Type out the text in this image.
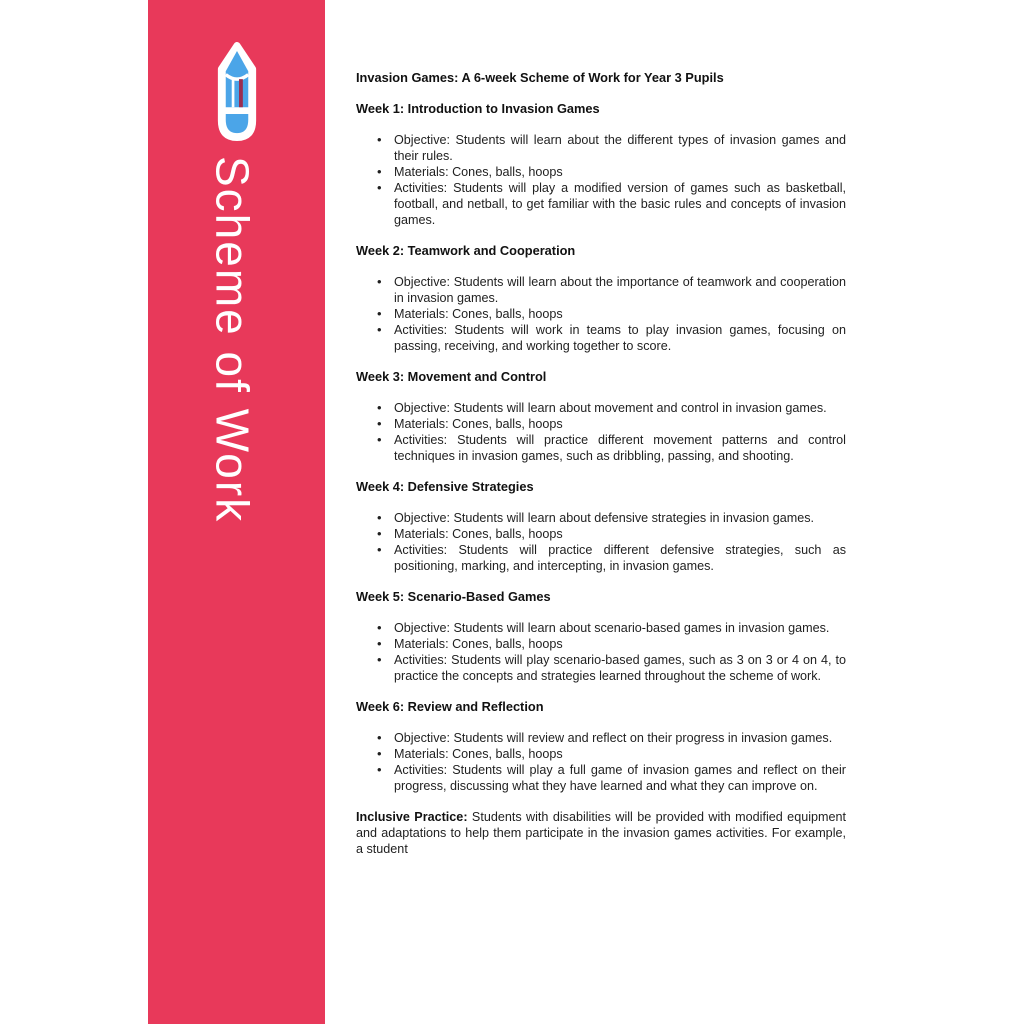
Scheme of Work
Invasion Games: A 6-week Scheme of Work for Year 3 Pupils
Week 1: Introduction to Invasion Games
• Objective: Students will learn about the different types of invasion games and their rules.
• Materials: Cones, balls, hoops
• Activities: Students will play a modified version of games such as basketball, football, and netball, to get familiar with the basic rules and concepts of invasion games.
Week 2: Teamwork and Cooperation
• Objective: Students will learn about the importance of teamwork and cooperation in invasion games.
• Materials: Cones, balls, hoops
• Activities: Students will work in teams to play invasion games, focusing on passing, receiving, and working together to score.
Week 3: Movement and Control
• Objective: Students will learn about movement and control in invasion games.
• Materials: Cones, balls, hoops
• Activities: Students will practice different movement patterns and control techniques in invasion games, such as dribbling, passing, and shooting.
Week 4: Defensive Strategies
• Objective: Students will learn about defensive strategies in invasion games.
• Materials: Cones, balls, hoops
• Activities: Students will practice different defensive strategies, such as positioning, marking, and intercepting, in invasion games.
Week 5: Scenario-Based Games
• Objective: Students will learn about scenario-based games in invasion games.
• Materials: Cones, balls, hoops
• Activities: Students will play scenario-based games, such as 3 on 3 or 4 on 4, to practice the concepts and strategies learned throughout the scheme of work.
Week 6: Review and Reflection
• Objective: Students will review and reflect on their progress in invasion games.
• Materials: Cones, balls, hoops
• Activities: Students will play a full game of invasion games and reflect on their progress, discussing what they have learned and what they can improve on.

Inclusive Practice: Students with disabilities will be provided with modified equipment and adaptations to help them participate in the invasion games activities. For example, a student
